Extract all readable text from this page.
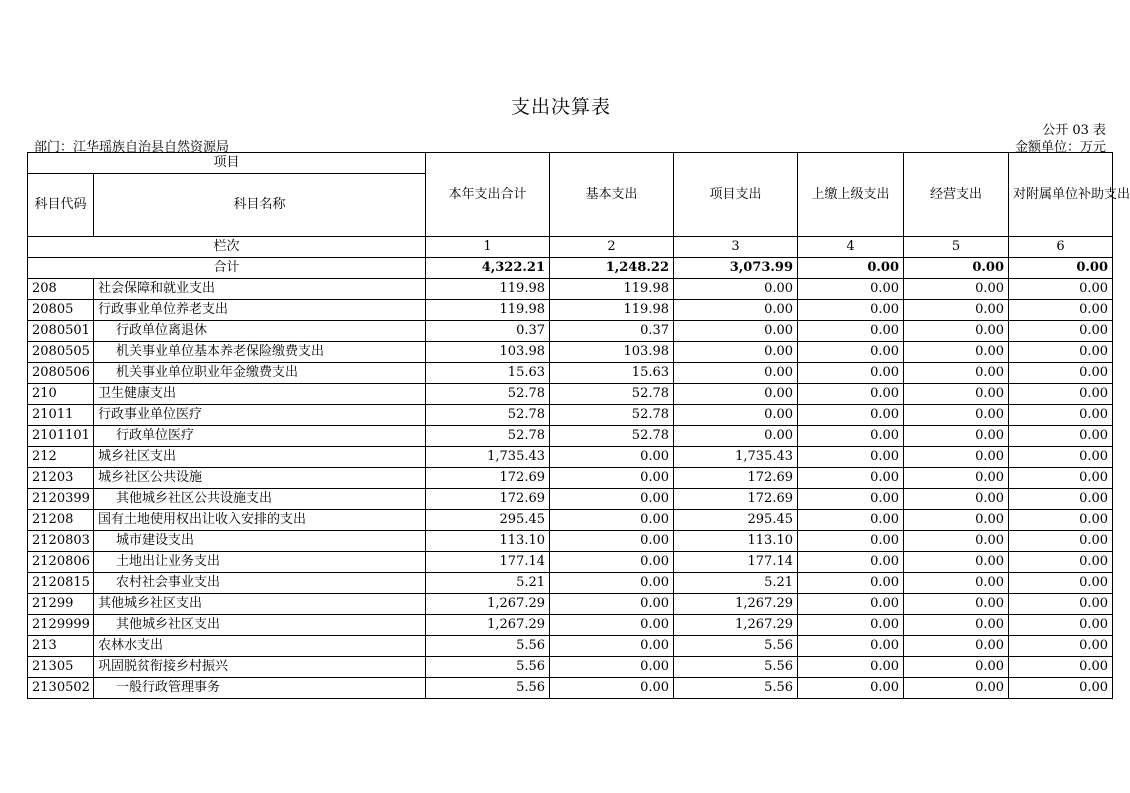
支出决算表
公开 03 表
部门：江华瑶族自治县自然资源局	金额单位：万元
项目		本年支出合计	基本支出	项目支出	上缴上级支出	经营支出	对附属单位补助支出
科目代码	科目名称						
栏次		1	2	3	4	5	6
合计		4,322.21	1,248.22	3,073.99	0.00	0.00	0.00
208	社会保障和就业支出	119.98	119.98	0.00	0.00	0.00	0.00
20805	行政事业单位养老支出	119.98	119.98	0.00	0.00	0.00	0.00
2080501	行政单位离退休	0.37	0.37	0.00	0.00	0.00	0.00
2080505	机关事业单位基本养老保险缴费支出	103.98	103.98	0.00	0.00	0.00	0.00
2080506	机关事业单位职业年金缴费支出	15.63	15.63	0.00	0.00	0.00	0.00
210	卫生健康支出	52.78	52.78	0.00	0.00	0.00	0.00
21011	行政事业单位医疗	52.78	52.78	0.00	0.00	0.00	0.00
2101101	行政单位医疗	52.78	52.78	0.00	0.00	0.00	0.00
212	城乡社区支出	1,735.43	0.00	1,735.43	0.00	0.00	0.00
21203	城乡社区公共设施	172.69	0.00	172.69	0.00	0.00	0.00
2120399	其他城乡社区公共设施支出	172.69	0.00	172.69	0.00	0.00	0.00
21208	国有土地使用权出让收入安排的支出	295.45	0.00	295.45	0.00	0.00	0.00
2120803	城市建设支出	113.10	0.00	113.10	0.00	0.00	0.00
2120806	土地出让业务支出	177.14	0.00	177.14	0.00	0.00	0.00
2120815	农村社会事业支出	5.21	0.00	5.21	0.00	0.00	0.00
21299	其他城乡社区支出	1,267.29	0.00	1,267.29	0.00	0.00	0.00
2129999	其他城乡社区支出	1,267.29	0.00	1,267.29	0.00	0.00	0.00
213	农林水支出	5.56	0.00	5.56	0.00	0.00	0.00
21305	巩固脱贫衔接乡村振兴	5.56	0.00	5.56	0.00	0.00	0.00
2130502	一般行政管理事务	5.56	0.00	5.56	0.00	0.00	0.00
